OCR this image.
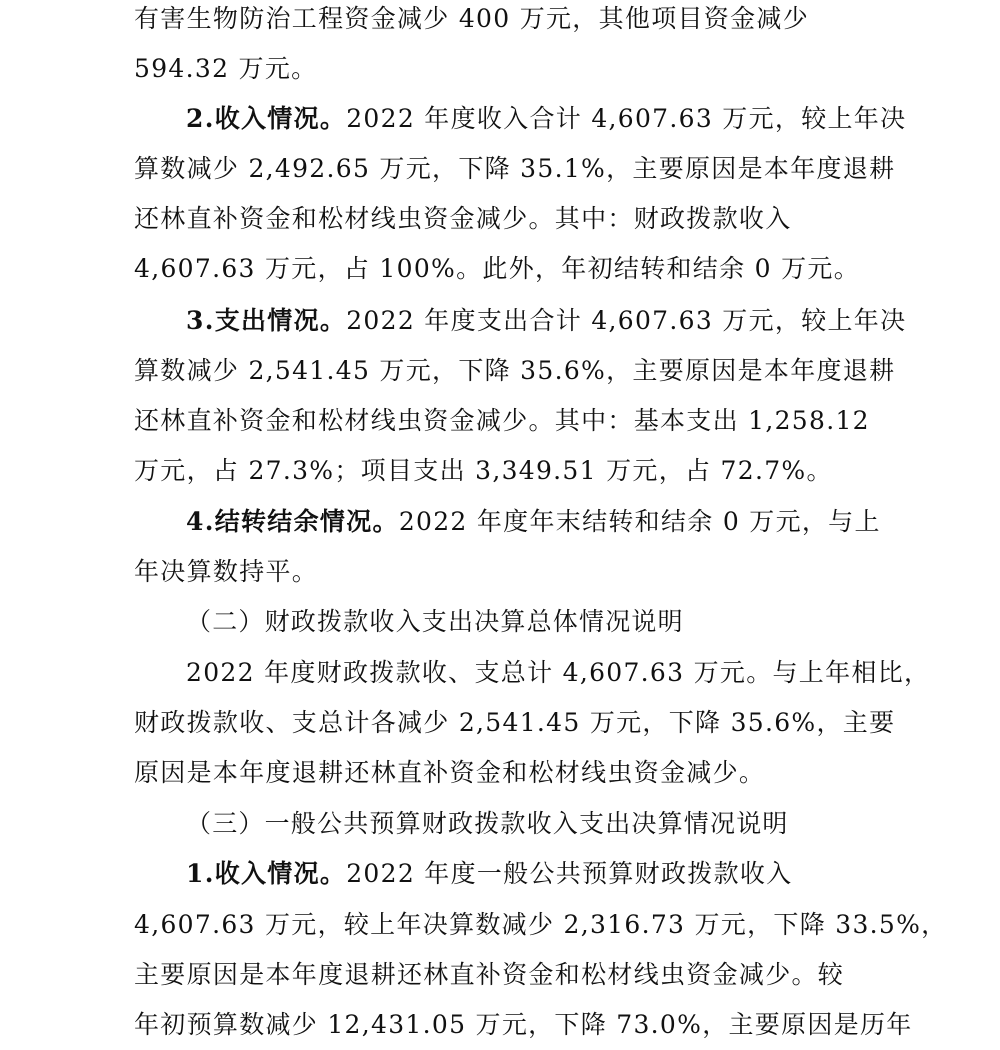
有害生物防治工程资金减少 400 万元，其他项目资金减少
594.32 万元。
2.收入情况。2022 年度收入合计 4,607.63 万元，较上年决
算数减少 2,492.65 万元，下降 35.1%，主要原因是本年度退耕
还林直补资金和松材线虫资金减少。其中：财政拨款收入
4,607.63 万元，占 100%。此外，年初结转和结余 0 万元。
3.支出情况。2022 年度支出合计 4,607.63 万元，较上年决
算数减少 2,541.45 万元，下降 35.6%，主要原因是本年度退耕
还林直补资金和松材线虫资金减少。其中：基本支出 1,258.12
万元，占 27.3%；项目支出 3,349.51 万元，占 72.7%。
4.结转结余情况。2022 年度年末结转和结余 0 万元，与上
年决算数持平。
（二）财政拨款收入支出决算总体情况说明
2022 年度财政拨款收、支总计 4,607.63 万元。与上年相比，
财政拨款收、支总计各减少 2,541.45 万元，下降 35.6%，主要
原因是本年度退耕还林直补资金和松材线虫资金减少。
（三）一般公共预算财政拨款收入支出决算情况说明
1.收入情况。2022 年度一般公共预算财政拨款收入
4,607.63 万元，较上年决算数减少 2,316.73 万元，下降 33.5%，
主要原因是本年度退耕还林直补资金和松材线虫资金减少。较
年初预算数减少 12,431.05 万元，下降 73.0%，主要原因是历年
